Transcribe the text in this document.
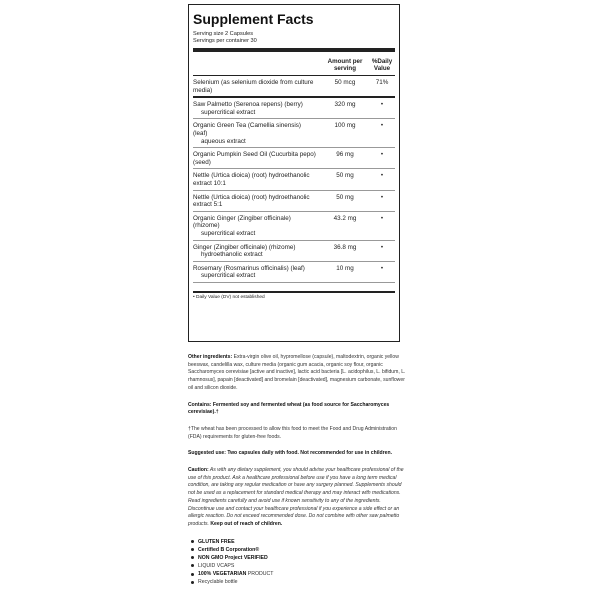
Supplement Facts
Serving size 2 Capsules
Servings per container 30
Amount per serving
%Daily Value
Selenium (as selenium dioxide from culture media)
50 mcg	71%
Saw Palmetto (Serenoa repens) (berry)
supercritical extract
320 mg	•
Organic Green Tea (Camellia sinensis) (leaf)
aqueous extract
100 mg	•
Organic Pumpkin Seed Oil (Cucurbita pepo) (seed)
96 mg	•
Nettle (Urtica dioica) (root) hydroethanolic extract 10:1
50 mg	•
Nettle (Urtica dioica) (root) hydroethanolic extract 5:1
50 mg	•
Organic Ginger (Zingiber officinale) (rhizome)
supercritical extract
43.2 mg	•
Ginger (Zingiber officinale) (rhizome)
hydroethanolic extract
36.8 mg	•
Rosemary (Rosmarinus officinalis) (leaf)
supercritical extract
10 mg	•
• Daily Value (DV) not established

Other ingredients: Extra-virgin olive oil, hypromellose (capsule), maltodextrin, organic yellow beeswax, candelilla wax, culture media (organic gum acacia, organic soy flour, organic Saccharomyces cerevisiae [active and inactive], lactic acid bacteria [L. acidophilus, L. bifidum, L. rhamnosus], papain [deactivated] and bromelain [deactivated], magnesium carbonate, sunflower oil and silicon dioxide.

Contains: Fermented soy and fermented wheat (as food source for Saccharomyces cerevisiae).†

†The wheat has been processed to allow this food to meet the Food and Drug Administration (FDA) requirements for gluten-free foods.

Suggested use: Two capsules daily with food. Not recommended for use in children.

Caution: As with any dietary supplement, you should advise your healthcare professional of the use of this product. Ask a healthcare professional before use if you have a long term medical condition, are taking any regular medication or have any surgery planned. Supplements should not be used as a replacement for standard medical therapy and may interact with medications. Read ingredients carefully and avoid use if known sensitivity to any of the ingredients. Discontinue use and contact your healthcare professional if you experience a side effect or an allergic reaction. Do not exceed recommended dose. Do not combine with other saw palmetto products. Keep out of reach of children.

GLUTEN FREE
Certified B Corporation®
NON GMO Project VERIFIED
LIQUID VCAPS
100% VEGETARIAN PRODUCT
Recyclable bottle
